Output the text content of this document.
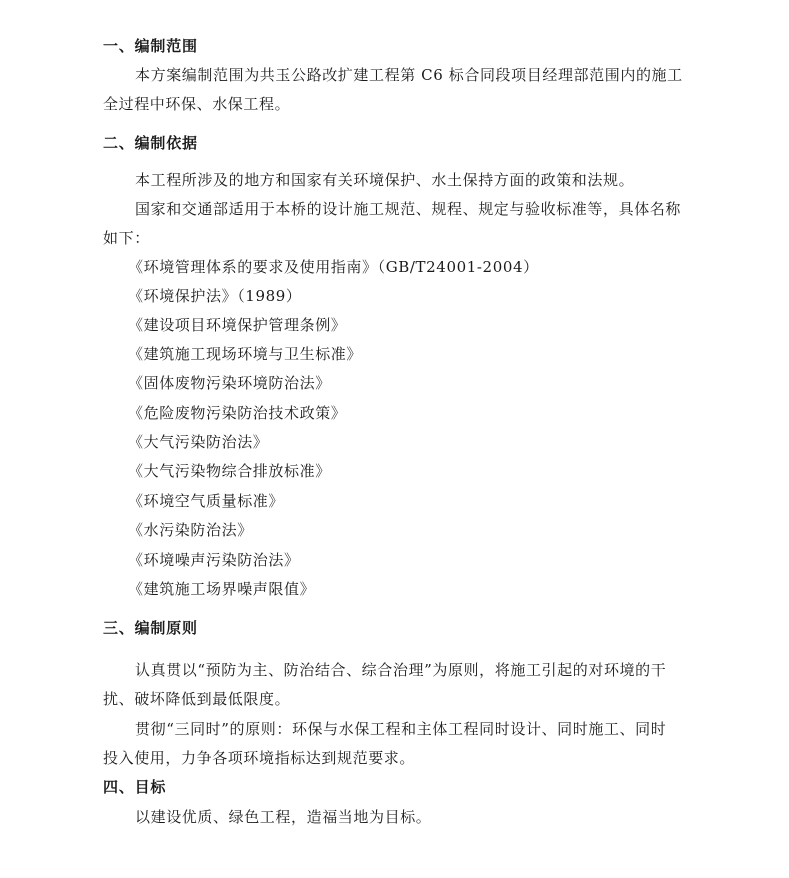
一、编制范围
本方案编制范围为共玉公路改扩建工程第 C6 标合同段项目经理部范围内的施工
全过程中环保、水保工程。
二、编制依据
本工程所涉及的地方和国家有关环境保护、水土保持方面的政策和法规。
国家和交通部适用于本桥的设计施工规范、规程、规定与验收标准等，具体名称
如下：
《环境管理体系的要求及使用指南》（GB/T24001-2004）
《环境保护法》（1989）
《建设项目环境保护管理条例》
《建筑施工现场环境与卫生标准》
《固体废物污染环境防治法》
《危险废物污染防治技术政策》
《大气污染防治法》
《大气污染物综合排放标准》
《环境空气质量标准》
《水污染防治法》
《环境噪声污染防治法》
《建筑施工场界噪声限值》
三、编制原则
认真贯以“预防为主、防治结合、综合治理”为原则，将施工引起的对环境的干
扰、破坏降低到最低限度。
贯彻“三同时”的原则：环保与水保工程和主体工程同时设计、同时施工、同时
投入使用，力争各项环境指标达到规范要求。
四、目标
以建设优质、绿色工程，造福当地为目标。
